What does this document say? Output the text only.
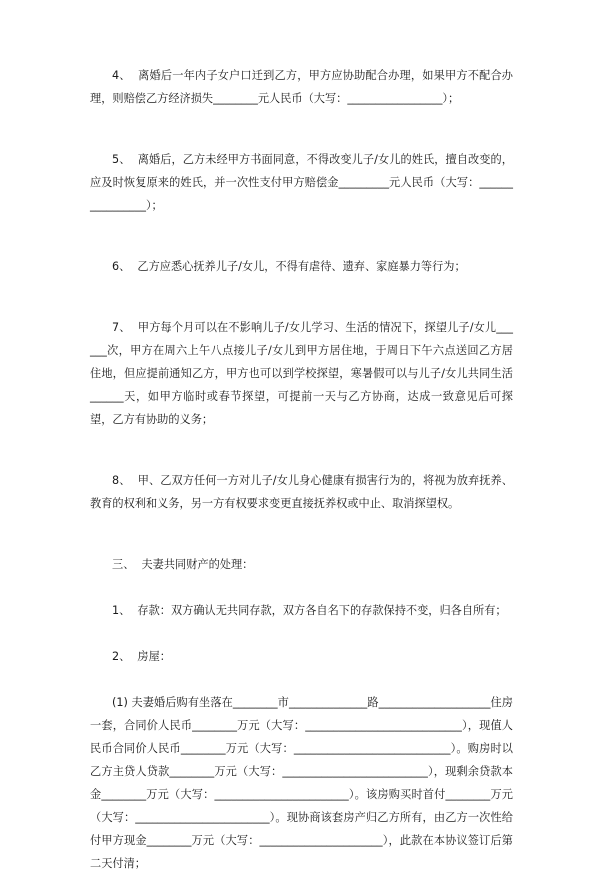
4、  离婚后一年内子女户口迁到乙方，甲方应协助配合办理，如果甲方不配合办理，则赔偿乙方经济损失________元人民币（大写：_________________）；

5、  离婚后，乙方未经甲方书面同意，不得改变儿子/女儿的姓氏，擅自改变的，应及时恢复原来的姓氏，并一次性支付甲方赔偿金_________元人民币（大写：________________）；

6、  乙方应悉心抚养儿子/女儿，不得有虐待、遗弃、家庭暴力等行为；

7、  甲方每个月可以在不影响儿子/女儿学习、生活的情况下，探望儿子/女儿______次，甲方在周六上午八点接儿子/女儿到甲方居住地，于周日下午六点送回乙方居住地，但应提前通知乙方，甲方也可以到学校探望，寒暑假可以与儿子/女儿共同生活______天，如甲方临时或春节探望，可提前一天与乙方协商，达成一致意见后可探望，乙方有协助的义务；

8、  甲、乙双方任何一方对儿子/女儿身心健康有损害行为的，将视为放弃抚养、教育的权利和义务，另一方有权要求变更直接抚养权或中止、取消探望权。

三、  夫妻共同财产的处理：

1、  存款：双方确认无共同存款，双方各自名下的存款保持不变，归各自所有；

2、  房屋：

(1) 夫妻婚后购有坐落在________市______________路____________________住房一套，合同价人民币________万元（大写：____________________________），现值人民币合同价人民币________万元（大写：____________________________）。购房时以乙方主贷人贷款________万元（大写：__________________________），现剩余贷款本金________万元（大写：________________________）。该房购买时首付________万元（大写：________________________）。现协商该套房产归乙方所有，由乙方一次性给付甲方现金________万元（大写：______________________），此款在本协议签订后第二天付清；
